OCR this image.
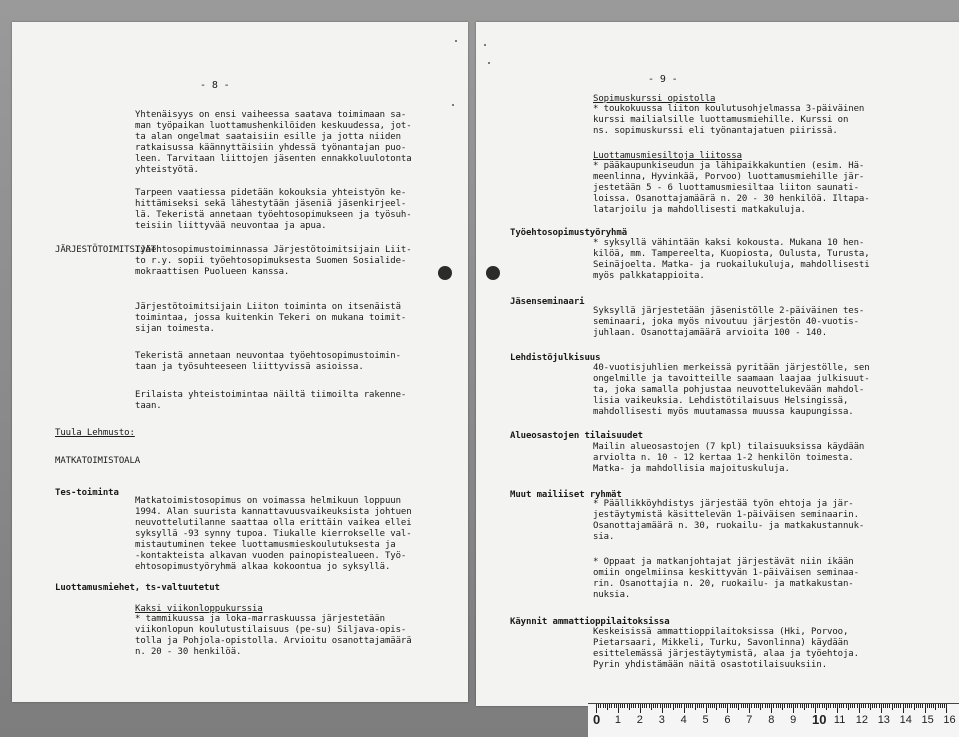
- 8 -
Yhtenäisyys on ensi vaiheessa saatava toimimaan sa-
man työpaikan luottamushenkilöiden keskuudessa, jot-
ta alan ongelmat saataisiin esille ja jotta niiden
ratkaisussa käännyttäisiin yhdessä työnantajan puo-
leen. Tarvitaan liittojen jäsenten ennakkoluulotonta
yhteistyötä.
Tarpeen vaatiessa pidetään kokouksia yhteistyön ke-
hittämiseksi sekä lähestytään jäseniä jäsenkirjeel-
lä. Tekeristä annetaan työehtosopimukseen ja työsuh-
teisiin liittyvää neuvontaa ja apua.
JÄRJESTÖTOIMITSIJAT
Työehtosopimustoiminnassa Järjestötoimitsijain Liit-
to r.y. sopii työehtosopimuksesta Suomen Sosialide-
mokraattisen Puolueen kanssa.
Järjestötoimitsijain Liiton toiminta on itsenäistä
toimintaa, jossa kuitenkin Tekeri on mukana toimit-
sijan toimesta.
Tekeristä annetaan neuvontaa työehtosopimustoimin-
taan ja työsuhteeseen liittyvissä asioissa.
Erilaista yhteistoimintaa näiltä tiimoilta rakenne-
taan.
Tuula Lehmusto:
MATKATOIMISTOALA
Tes-toiminta
Matkatoimistosopimus on voimassa helmikuun loppuun
1994. Alan suurista kannattavuusvaikeuksista johtuen
neuvottelutilanne saattaa olla erittäin vaikea ellei
syksyllä -93 synny tupoa. Tiukalle kierrokselle val-
mistautuminen tekee luottamusmieskoulutuksesta ja
-kontakteista alkavan vuoden painopistealueen. Työ-
ehtosopimustyöryhmä alkaa kokoontua jo syksyllä.
Luottamusmiehet, ts-valtuutetut
Kaksi viikonloppukurssia
* tammikuussa ja loka-marraskuussa järjestetään
viikonlopun koulutustilaisuus (pe-su) Siljava-opis-
tolla ja Pohjola-opistolla. Arvioitu osanottajamäärä
n. 20 - 30 henkilöä.
- 9 -
Sopimuskurssi opistolla
* toukokuussa liiton koulutusohjelmassa 3-päiväinen
kurssi mailialsille luottamusmiehille. Kurssi on
ns. sopimuskurssi eli työnantajatuen piirissä.
Luottamusmiesiltoja liitossa
* pääkaupunkiseudun ja lähipaikkakuntien (esim. Hä-
meenlinna, Hyvinkää, Porvoo) luottamusmiehille jär-
jestetään 5 - 6 luottamusmiesiltaa liiton saunati-
loissa. Osanottajamäärä n. 20 - 30 henkilöä. Iltapa-
latarjoilu ja mahdollisesti matkakuluja.
Työehtosopimustyöryhmä
* syksyllä vähintään kaksi kokousta. Mukana 10 hen-
kilöä, mm. Tampereelta, Kuopiosta, Oulusta, Turusta,
Seinäjoelta. Matka- ja ruokailukuluja, mahdollisesti
myös palkkatappioita.
Jäsenseminaari
Syksyllä järjestetään jäsenistölle 2-päiväinen tes-
seminaari, joka myös nivoutuu järjestön 40-vuotis-
juhlaan. Osanottajamäärä arvioita 100 - 140.
Lehdistöjulkisuus
40-vuotisjuhlien merkeissä pyritään järjestölle, sen
ongelmille ja tavoitteille saamaan laajaa julkisuut-
ta, joka samalla pohjustaa neuvottelukevään mahdol-
lisia vaikeuksia. Lehdistötilaisuus Helsingissä,
mahdollisesti myös muutamassa muussa kaupungissa.
Alueosastojen tilaisuudet
Mailin alueosastojen (7 kpl) tilaisuuksissa käydään
arviolta n. 10 - 12 kertaa 1-2 henkilön toimesta.
Matka- ja mahdollisia majoituskuluja.
Muut mailiiset ryhmät
* Päällikköyhdistys järjestää työn ehtoja ja jär-
jestäytymistä käsittelevän 1-päiväisen seminaarin.
Osanottajamäärä n. 30, ruokailu- ja matkakustannuk-
sia.
* Oppaat ja matkanjohtajat järjestävät niin ikään
omiin ongelmiinsa keskittyvän 1-päiväisen seminaa-
rin. Osanottajia n. 20, ruokailu- ja matkakustan-
nuksia.
Käynnit ammattioppilaitoksissa
Keskeisissä ammattioppilaitoksissa (Hki, Porvoo,
Pietarsaari, Mikkeli, Turku, Savonlinna) käydään
esittelemässä järjestäytymistä, alaa ja työehtoja.
Pyrin yhdistämään näitä osastotilaisuuksiin.
0 1 2 3 4 5 6 7 8 9 10 11 12 13 14 15 16
